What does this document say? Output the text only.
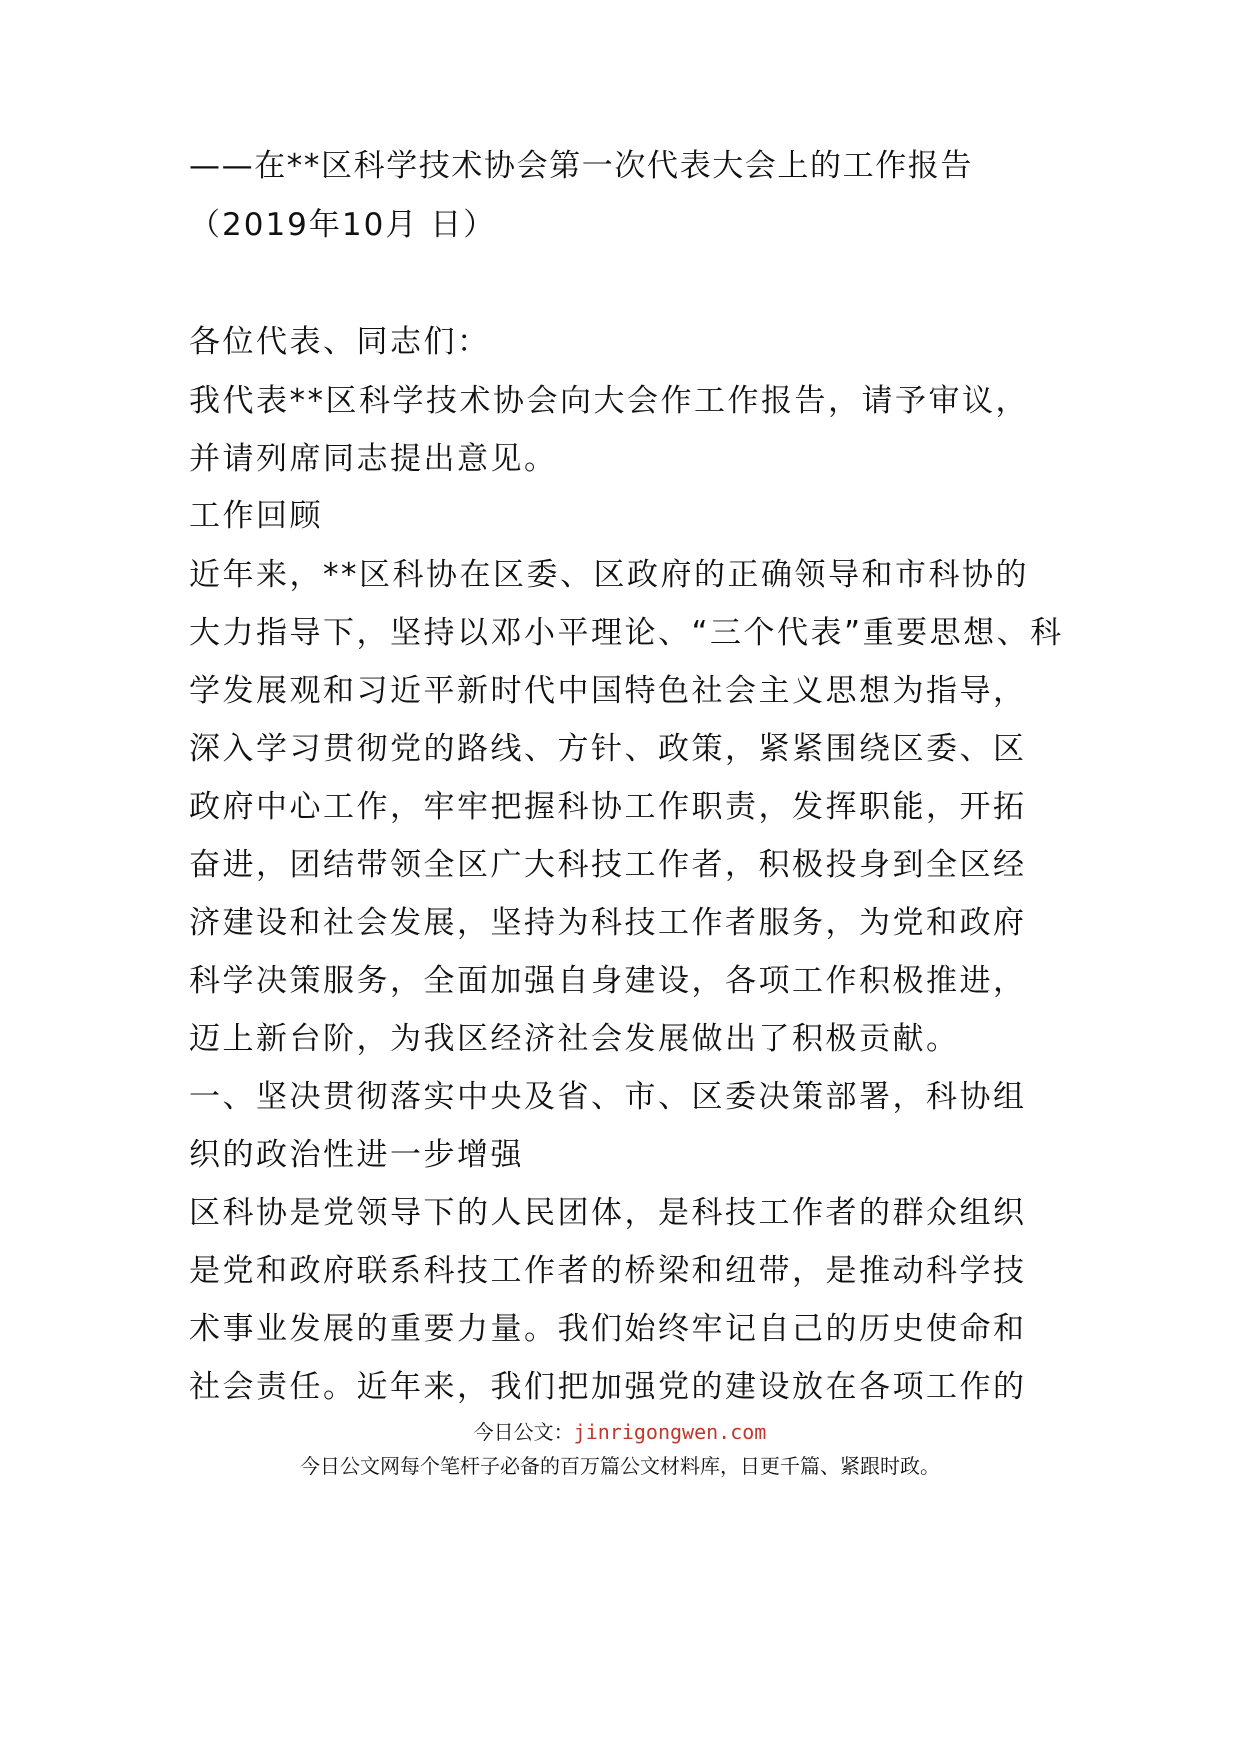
——在**区科学技术协会第一次代表大会上的工作报告
（2019年10月 日）
各位代表、同志们：
我代表**区科学技术协会向大会作工作报告，请予审议，
并请列席同志提出意见。
工作回顾
近年来，**区科协在区委、区政府的正确领导和市科协的
大力指导下，坚持以邓小平理论、“三个代表”重要思想、科
学发展观和习近平新时代中国特色社会主义思想为指导，
深入学习贯彻党的路线、方针、政策，紧紧围绕区委、区
政府中心工作，牢牢把握科协工作职责，发挥职能，开拓
奋进，团结带领全区广大科技工作者，积极投身到全区经
济建设和社会发展，坚持为科技工作者服务，为党和政府
科学决策服务，全面加强自身建设，各项工作积极推进，
迈上新台阶，为我区经济社会发展做出了积极贡献。
一、坚决贯彻落实中央及省、市、区委决策部署，科协组
织的政治性进一步增强
区科协是党领导下的人民团体，是科技工作者的群众组织
是党和政府联系科技工作者的桥梁和纽带，是推动科学技
术事业发展的重要力量。我们始终牢记自己的历史使命和
社会责任。近年来，我们把加强党的建设放在各项工作的
今日公文：jinrigongwen.com
今日公文网每个笔杆子必备的百万篇公文材料库，日更千篇、紧跟时政。
